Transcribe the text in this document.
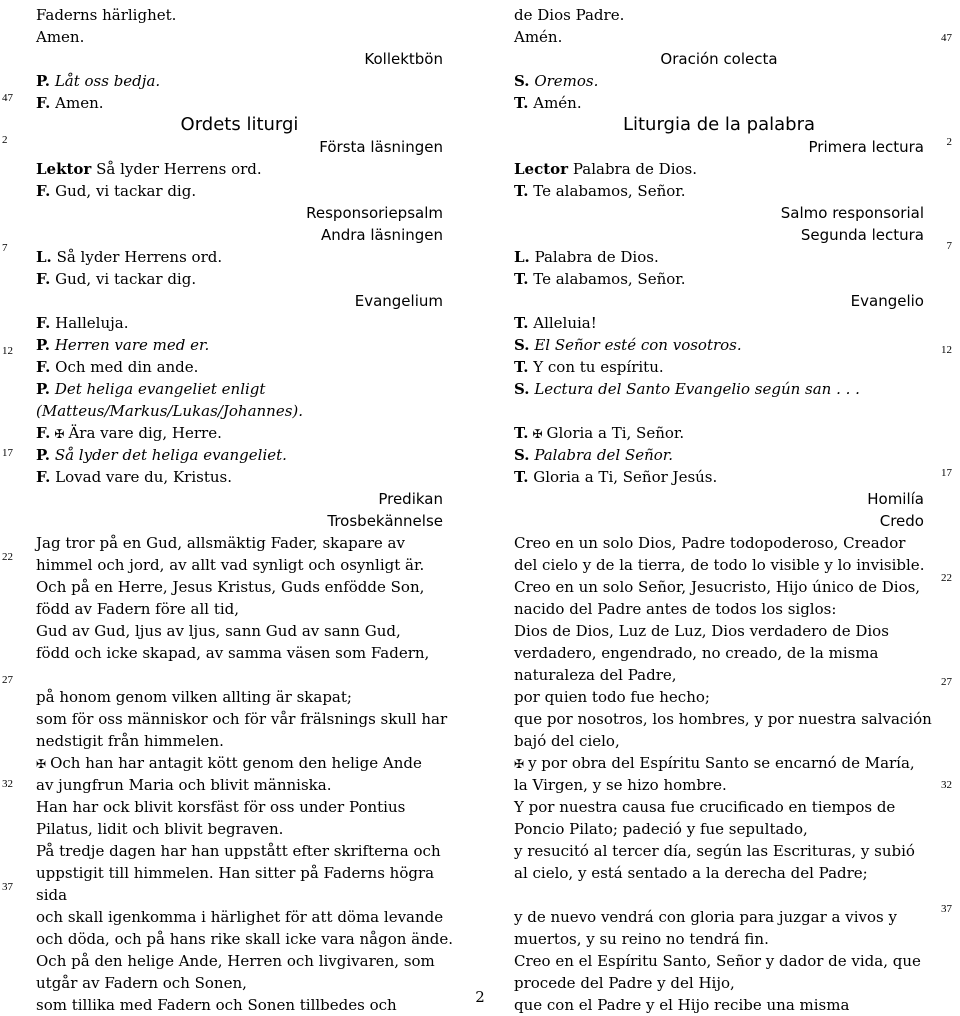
47
2
7
12
17
22
27
32
37
47
2
7
12
17
22
27
32
37
Faderns härlighet.
Amen.
Kollektbön
P. Låt oss bedja.
F. Amen.
Ordets liturgi
Första läsningen
Lektor Så lyder Herrens ord.
F. Gud, vi tackar dig.
Responsoriepsalm
Andra läsningen
L. Så lyder Herrens ord.
F. Gud, vi tackar dig.
Evangelium
F. Halleluja.
P. Herren vare med er.
F. Och med din ande.
P. Det heliga evangeliet enligt
(Matteus/Markus/Lukas/Johannes).
F. ✠ Ära vare dig, Herre.
P. Så lyder det heliga evangeliet.
F. Lovad vare du, Kristus.
Predikan
Trosbekännelse
Jag tror på en Gud, allsmäktig Fader, skapare av
himmel och jord, av allt vad synligt och osynligt är.
Och på en Herre, Jesus Kristus, Guds enfödde Son,
född av Fadern före all tid,
Gud av Gud, ljus av ljus, sann Gud av sann Gud,
född och icke skapad, av samma väsen som Fadern,
på honom genom vilken allting är skapat;
som för oss människor och för vår frälsnings skull har
nedstigit från himmelen.
✠ Och han har antagit kött genom den helige Ande
av jungfrun Maria och blivit människa.
Han har ock blivit korsfäst för oss under Pontius
Pilatus, lidit och blivit begraven.
På tredje dagen har han uppstått efter skrifterna och
uppstigit till himmelen. Han sitter på Faderns högra
sida
och skall igenkomma i härlighet för att döma levande
och döda, och på hans rike skall icke vara någon ände.
Och på den helige Ande, Herren och livgivaren, som
utgår av Fadern och Sonen,
som tillika med Fadern och Sonen tillbedes och
de Dios Padre.
Amén.
Oración colecta
S. Oremos.
T. Amén.
Liturgia de la palabra
Primera lectura
Lector Palabra de Dios.
T. Te alabamos, Señor.
Salmo responsorial
Segunda lectura
L. Palabra de Dios.
T. Te alabamos, Señor.
Evangelio
T. Alleluia!
S. El Señor esté con vosotros.
T. Y con tu espíritu.
S. Lectura del Santo Evangelio según san . . .
T. ✠ Gloria a Ti, Señor.
S. Palabra del Señor.
T. Gloria a Ti, Señor Jesús.
Homilía
Credo
Creo en un solo Dios, Padre todopoderoso, Creador
del cielo y de la tierra, de todo lo visible y lo invisible.
Creo en un solo Señor, Jesucristo, Hijo único de Dios,
nacido del Padre antes de todos los siglos:
Dios de Dios, Luz de Luz, Dios verdadero de Dios
verdadero, engendrado, no creado, de la misma
naturaleza del Padre,
por quien todo fue hecho;
que por nosotros, los hombres, y por nuestra salvación
bajó del cielo,
✠ y por obra del Espíritu Santo se encarnó de María,
la Virgen, y se hizo hombre.
Y por nuestra causa fue crucificado en tiempos de
Poncio Pilato; padeció y fue sepultado,
y resucitó al tercer día, según las Escrituras, y subió
al cielo, y está sentado a la derecha del Padre;
y de nuevo vendrá con gloria para juzgar a vivos y
muertos, y su reino no tendrá fin.
Creo en el Espíritu Santo, Señor y dador de vida, que
procede del Padre y del Hijo,
que con el Padre y el Hijo recibe una misma
2
